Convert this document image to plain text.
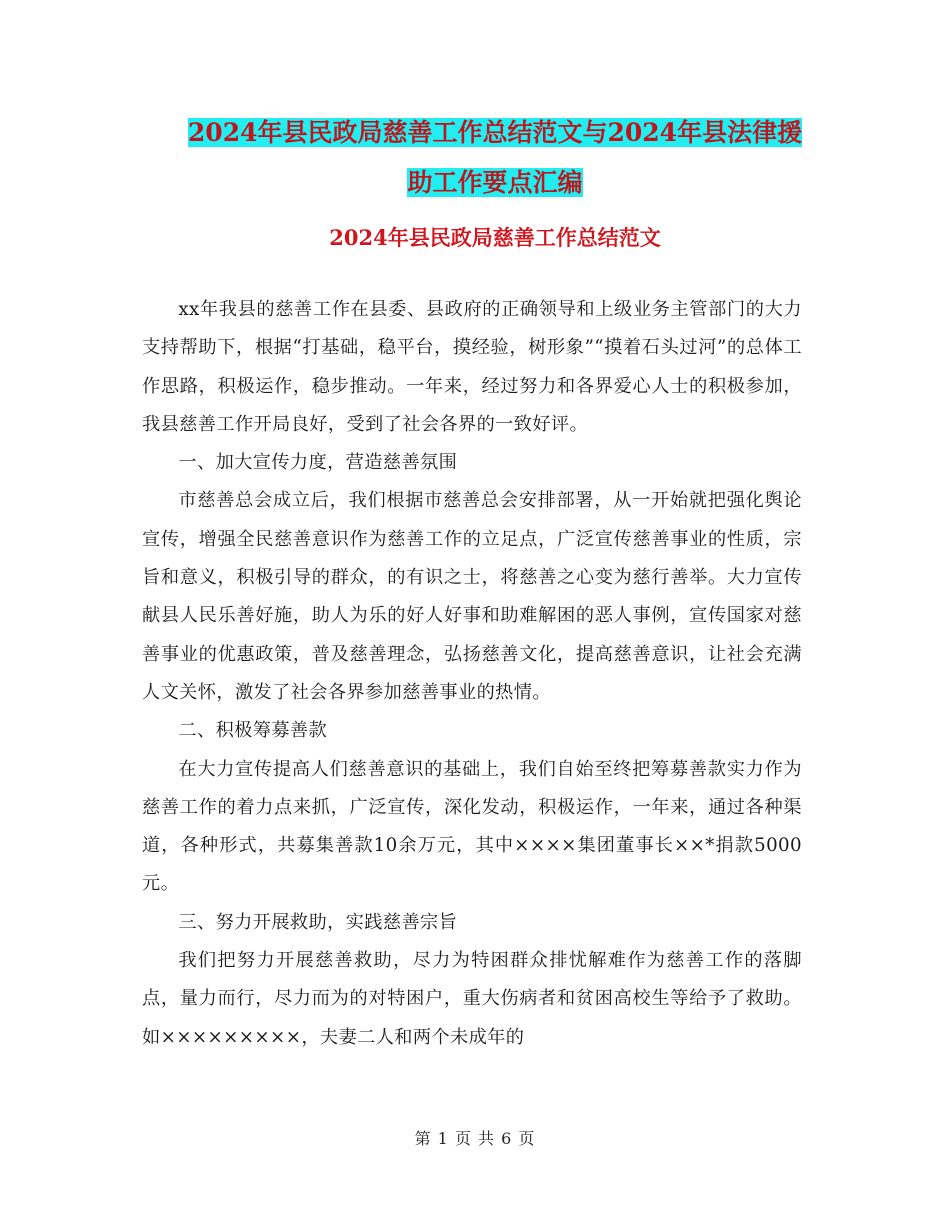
2024年县民政局慈善工作总结范文与2024年县法律援
助工作要点汇编
2024年县民政局慈善工作总结范文

xx年我县的慈善工作在县委、县政府的正确领导和上级业务主管部门的大力支持帮助下，根据“打基础，稳平台，摸经验，树形象”“摸着石头过河”的总体工作思路，积极运作，稳步推动。一年来，经过努力和各界爱心人士的积极参加，我县慈善工作开局良好，受到了社会各界的一致好评。

一、加大宣传力度，营造慈善氛围

市慈善总会成立后，我们根据市慈善总会安排部署，从一开始就把强化舆论宣传，增强全民慈善意识作为慈善工作的立足点，广泛宣传慈善事业的性质，宗旨和意义，积极引导的群众，的有识之士，将慈善之心变为慈行善举。大力宣传献县人民乐善好施，助人为乐的好人好事和助难解困的恶人事例，宣传国家对慈善事业的优惠政策，普及慈善理念，弘扬慈善文化，提高慈善意识，让社会充满人文关怀，激发了社会各界参加慈善事业的热情。

二、积极筹募善款

在大力宣传提高人们慈善意识的基础上，我们自始至终把筹募善款实力作为慈善工作的着力点来抓，广泛宣传，深化发动，积极运作，一年来，通过各种渠道，各种形式，共募集善款10余万元，其中××××集团董事长××*捐款5000元。

三、努力开展救助，实践慈善宗旨

我们把努力开展慈善救助，尽力为特困群众排忧解难作为慈善工作的落脚点，量力而行，尽力而为的对特困户，重大伤病者和贫困高校生等给予了救助。如×××××××××，夫妻二人和两个未成年的

第 1 页 共 6 页
